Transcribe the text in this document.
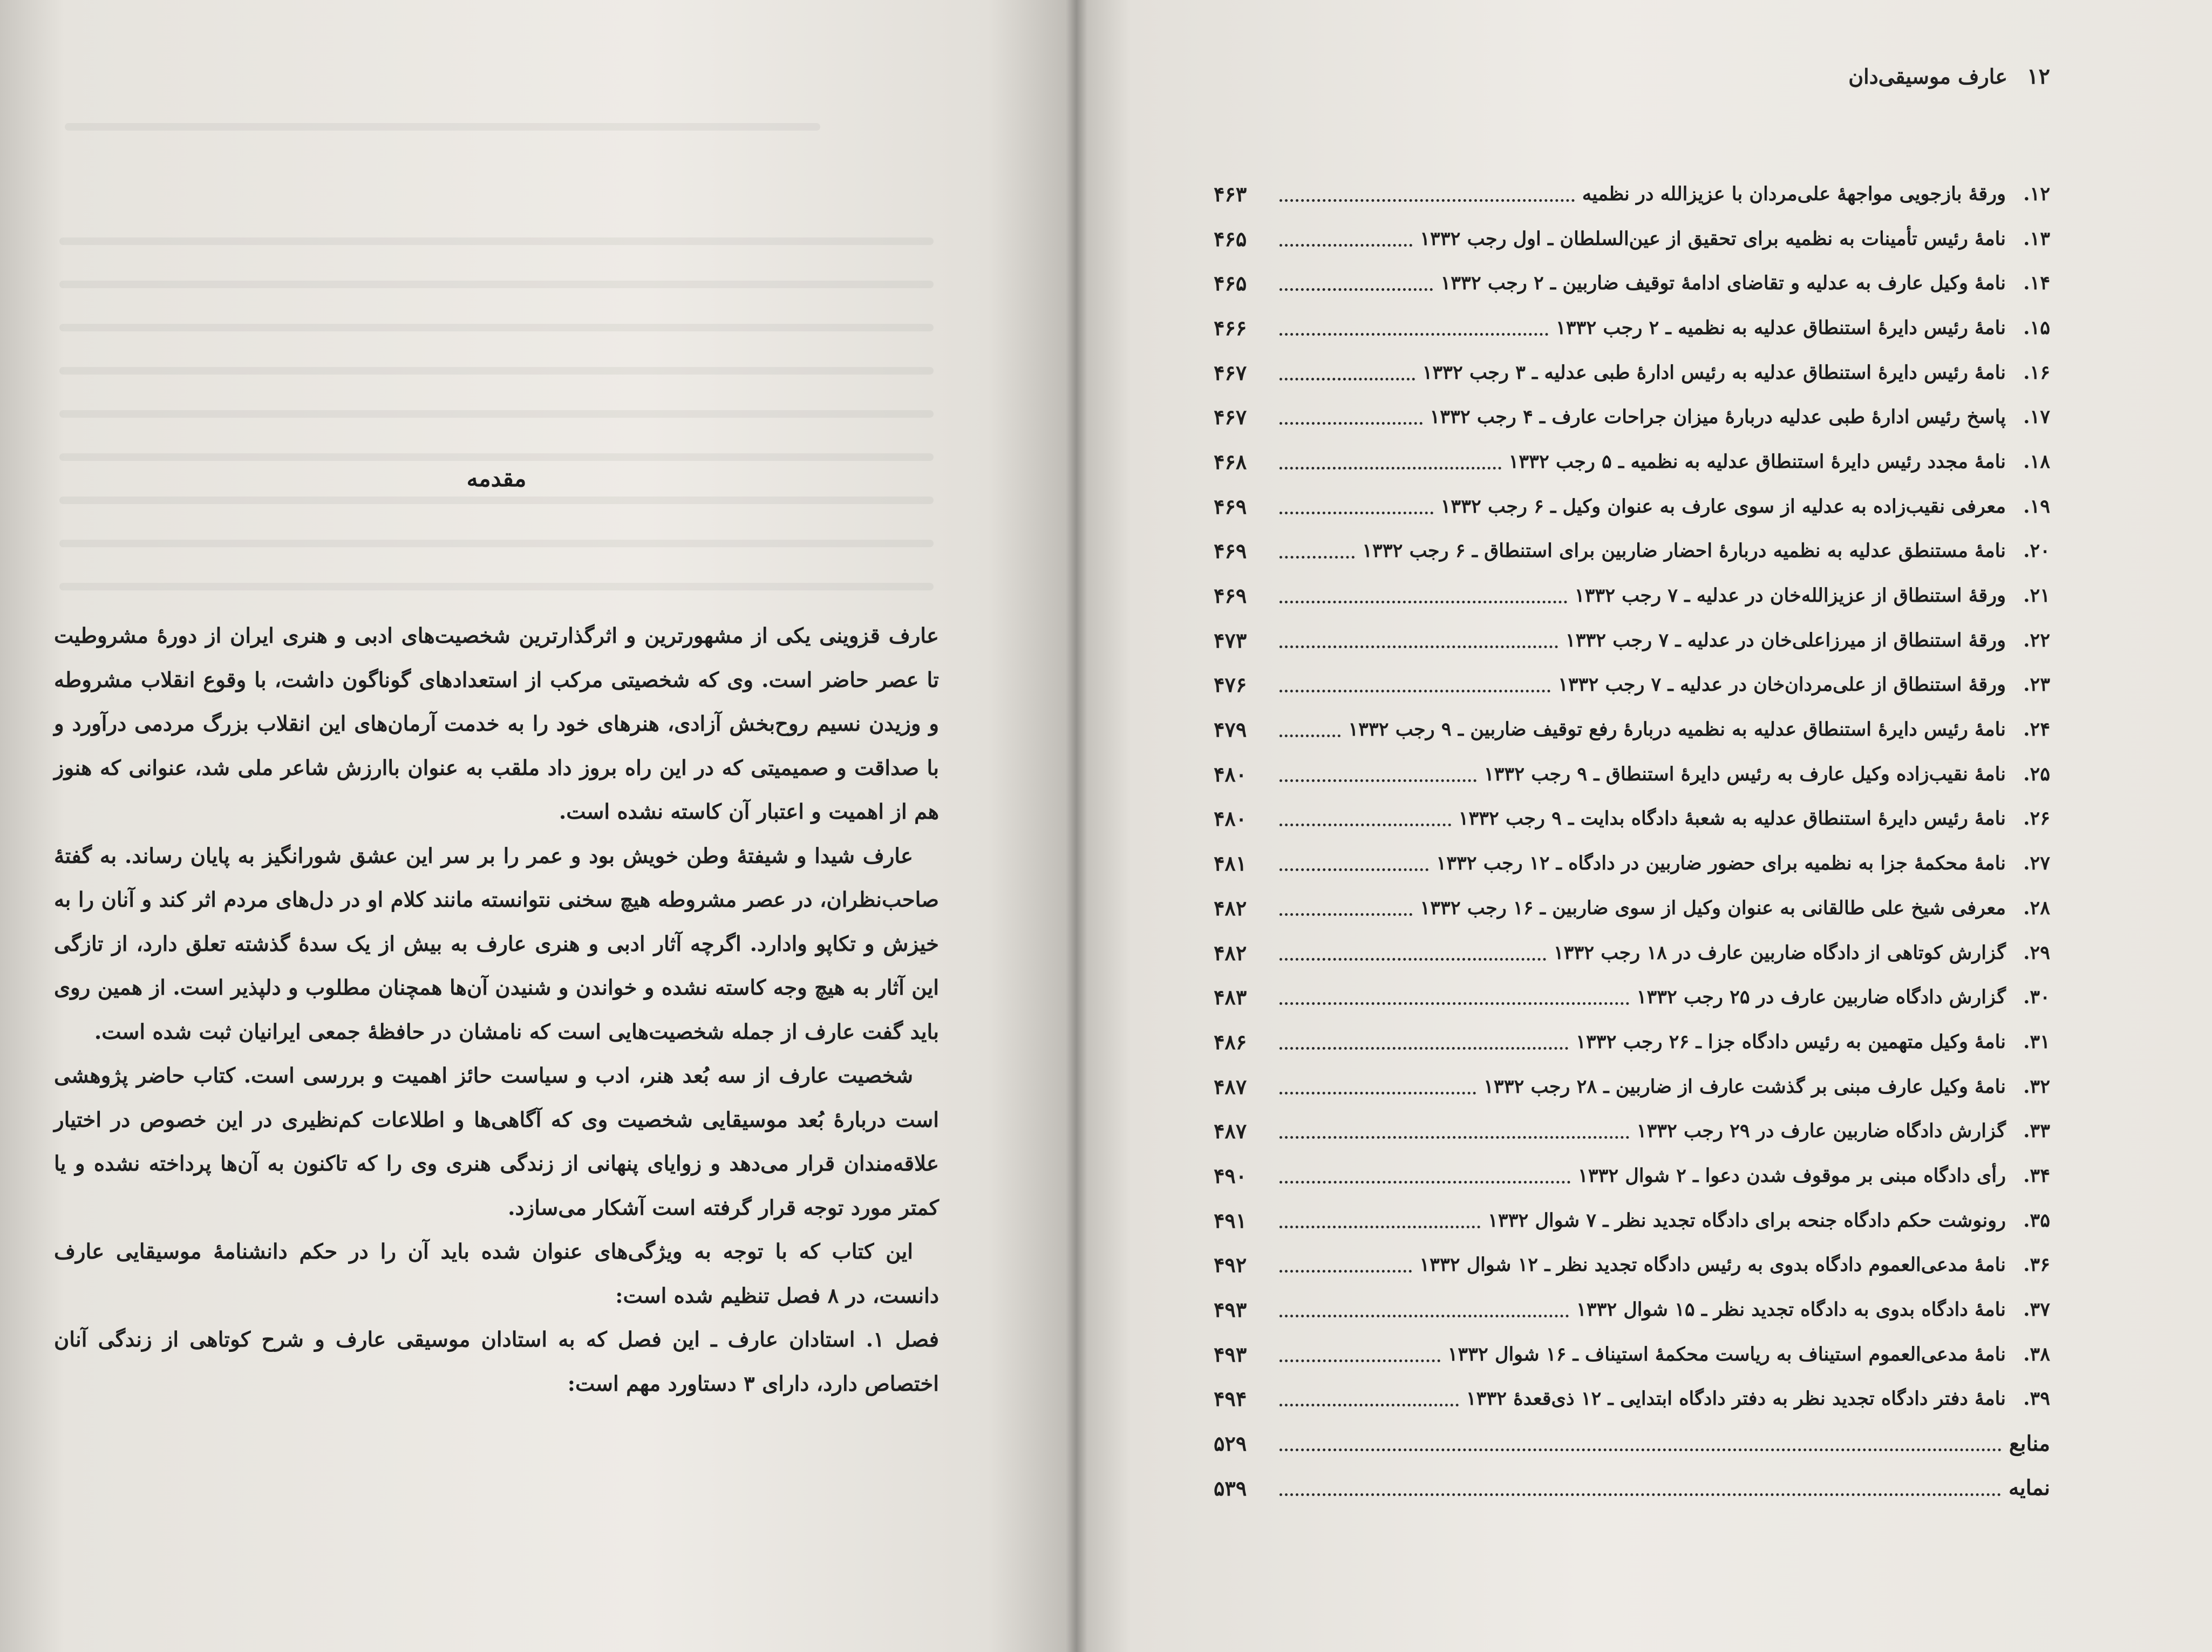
مقدمه

عارف قزوینی یکی از مشهورترین و اثرگذارترین شخصیت‌های ادبی و هنری ایران از دورهٔ مشروطیت تا عصر حاضر است. وی که شخصیتی مرکب از استعدادهای گوناگون داشت، با وقوع انقلاب مشروطه و وزیدن نسیم روح‌بخش آزادی، هنرهای خود را به خدمت آرمان‌های این انقلاب بزرگ مردمی درآورد و با صداقت و صمیمیتی که در این راه بروز داد ملقب به عنوان باارزش شاعر ملی شد، عنوانی که هنوز هم از اهمیت و اعتبار آن کاسته نشده است.

عارف شیدا و شیفتهٔ وطن خویش بود و عمر را بر سر این عشق شورانگیز به پایان رساند. به گفتهٔ صاحب‌نظران، در عصر مشروطه هیچ سخنی نتوانسته مانند کلام او در دل‌های مردم اثر کند و آنان را به خیزش و تکاپو وادارد. اگرچه آثار ادبی و هنری عارف به بیش از یک سدهٔ گذشته تعلق دارد، از تازگی این آثار به هیچ وجه کاسته نشده و خواندن و شنیدن آن‌ها همچنان مطلوب و دلپذیر است. از همین روی باید گفت عارف از جمله شخصیت‌هایی است که نامشان در حافظهٔ جمعی ایرانیان ثبت شده است.

شخصیت عارف از سه بُعد هنر، ادب و سیاست حائز اهمیت و بررسی است. کتاب حاضر پژوهشی است دربارهٔ بُعد موسیقایی شخصیت وی که آگاهی‌ها و اطلاعات کم‌نظیری در این خصوص در اختیار علاقه‌مندان قرار می‌دهد و زوایای پنهانی از زندگی هنری وی را که تاکنون به آن‌ها پرداخته نشده و یا کمتر مورد توجه قرار گرفته است آشکار می‌سازد.

این کتاب که با توجه به ویژگی‌های عنوان شده باید آن را در حکم دانشنامهٔ موسیقایی عارف دانست، در ۸ فصل تنظیم شده است:

فصل ۱. استادان عارف ـ این فصل که به استادان موسیقی عارف و شرح کوتاهی از زندگی آنان اختصاص دارد، دارای ۳ دستاورد مهم است:

۱۲
عارف موسیقی‌دان
۱۲.
ورقهٔ بازجویی مواجههٔ علی‌مردان با عزیزالله در نظمیه
۴۶۳
۱۳.
نامهٔ رئیس تأمینات به نظمیه برای تحقیق از عین‌السلطان ـ اول رجب ۱۳۳۲
۴۶۵
۱۴.
نامهٔ وکیل عارف به عدلیه و تقاضای ادامهٔ توقیف ضاربین ـ ۲ رجب ۱۳۳۲
۴۶۵
۱۵.
نامهٔ رئیس دایرهٔ استنطاق عدلیه به نظمیه ـ ۲ رجب ۱۳۳۲
۴۶۶
۱۶.
نامهٔ رئیس دایرهٔ استنطاق عدلیه به رئیس ادارهٔ طبی عدلیه ـ ۳ رجب ۱۳۳۲
۴۶۷
۱۷.
پاسخ رئیس ادارهٔ طبی عدلیه دربارهٔ میزان جراحات عارف ـ ۴ رجب ۱۳۳۲
۴۶۷
۱۸.
نامهٔ مجدد رئیس دایرهٔ استنطاق عدلیه به نظمیه ـ ۵ رجب ۱۳۳۲
۴۶۸
۱۹.
معرفی نقیب‌زاده به عدلیه از سوی عارف به عنوان وکیل ـ ۶ رجب ۱۳۳۲
۴۶۹
۲۰.
نامهٔ مستنطق عدلیه به نظمیه دربارهٔ احضار ضاربین برای استنطاق ـ ۶ رجب ۱۳۳۲
۴۶۹
۲۱.
ورقهٔ استنطاق از عزیزالله‌خان در عدلیه ـ ۷ رجب ۱۳۳۲
۴۶۹
۲۲.
ورقهٔ استنطاق از میرزاعلی‌خان در عدلیه ـ ۷ رجب ۱۳۳۲
۴۷۳
۲۳.
ورقهٔ استنطاق از علی‌مردان‌خان در عدلیه ـ ۷ رجب ۱۳۳۲
۴۷۶
۲۴.
نامهٔ رئیس دایرهٔ استنطاق عدلیه به نظمیه دربارهٔ رفع توقیف ضاربین ـ ۹ رجب ۱۳۳۲
۴۷۹
۲۵.
نامهٔ نقیب‌زاده وکیل عارف به رئیس دایرهٔ استنطاق ـ ۹ رجب ۱۳۳۲
۴۸۰
۲۶.
نامهٔ رئیس دایرهٔ استنطاق عدلیه به شعبهٔ دادگاه بدایت ـ ۹ رجب ۱۳۳۲
۴۸۰
۲۷.
نامهٔ محکمهٔ جزا به نظمیه برای حضور ضاربین در دادگاه ـ ۱۲ رجب ۱۳۳۲
۴۸۱
۲۸.
معرفی شیخ علی طالقانی به عنوان وکیل از سوی ضاربین ـ ۱۶ رجب ۱۳۳۲
۴۸۲
۲۹.
گزارش کوتاهی از دادگاه ضاربین عارف در ۱۸ رجب ۱۳۳۲
۴۸۲
۳۰.
گزارش دادگاه ضاربین عارف در ۲۵ رجب ۱۳۳۲
۴۸۳
۳۱.
نامهٔ وکیل متهمین به رئیس دادگاه جزا ـ ۲۶ رجب ۱۳۳۲
۴۸۶
۳۲.
نامهٔ وکیل عارف مبنی بر گذشت عارف از ضاربین ـ ۲۸ رجب ۱۳۳۲
۴۸۷
۳۳.
گزارش دادگاه ضاربین عارف در ۲۹ رجب ۱۳۳۲
۴۸۷
۳۴.
رأی دادگاه مبنی بر موقوف شدن دعوا ـ ۲ شوال ۱۳۳۲
۴۹۰
۳۵.
رونوشت حکم دادگاه جنحه برای دادگاه تجدید نظر ـ ۷ شوال ۱۳۳۲
۴۹۱
۳۶.
نامهٔ مدعی‌العموم دادگاه بدوی به رئیس دادگاه تجدید نظر ـ ۱۲ شوال ۱۳۳۲
۴۹۲
۳۷.
نامهٔ دادگاه بدوی به دادگاه تجدید نظر ـ ۱۵ شوال ۱۳۳۲
۴۹۳
۳۸.
نامهٔ مدعی‌العموم استیناف به ریاست محکمهٔ استیناف ـ ۱۶ شوال ۱۳۳۲
۴۹۳
۳۹.
نامهٔ دفتر دادگاه تجدید نظر به دفتر دادگاه ابتدایی ـ ۱۲ ذی‌قعدهٔ ۱۳۳۲
۴۹۴
منابع
۵۲۹
نمایه
۵۳۹
